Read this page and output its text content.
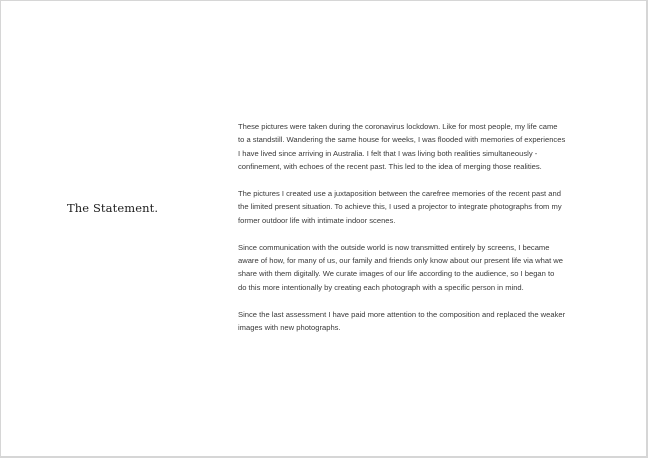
The Statement.

These pictures were taken during the coronavirus lockdown. Like for most people, my life came
to a standstill. Wandering the same house for weeks, I was flooded with memories of experiences
I have lived since arriving in Australia. I felt that I was living both realities simultaneously -
confinement, with echoes of the recent past. This led to the idea of merging those realities.

The pictures I created use a juxtaposition between the carefree memories of the recent past and
the limited present situation. To achieve this, I used a projector to integrate photographs from my
former outdoor life with intimate indoor scenes.

Since communication with the outside world is now transmitted entirely by screens, I became
aware of how, for many of us, our family and friends only know about our present life via what we
share with them digitally. We curate images of our life according to the audience, so I began to
do this more intentionally by creating each photograph with a specific person in mind.

Since the last assessment I have paid more attention to the composition and replaced the weaker
images with new photographs.
